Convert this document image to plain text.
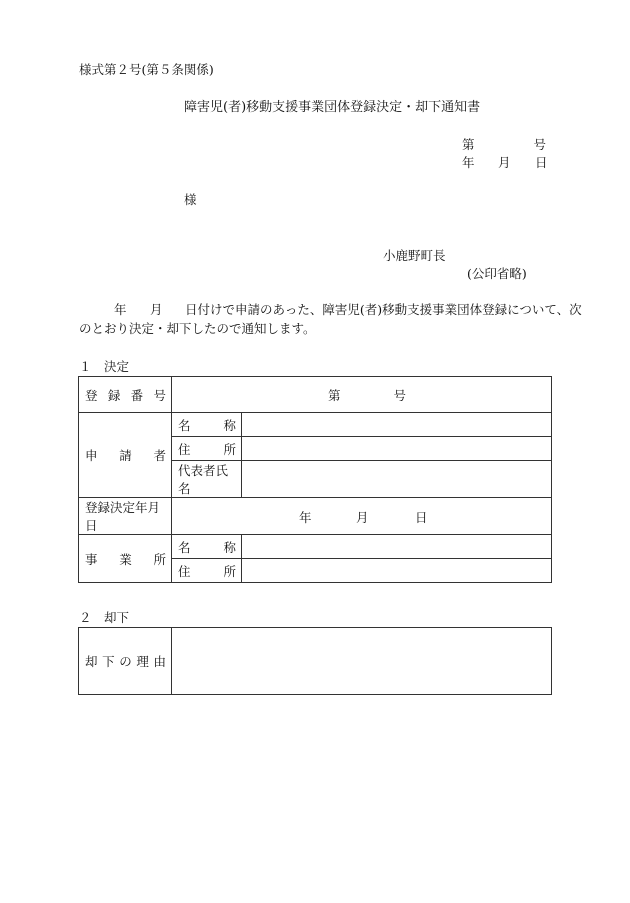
様式第２号(第５条関係)
障害児(者)移動支援事業団体登録決定・却下通知書
第	号
年 月 日
様
小鹿野町長
(公印省略)
年 月 日付けで申請のあった、障害児(者)移動支援事業団体登録について、次
のとおり決定・却下したので通知します。
１　決定
登 録 番 号	第 号	

申 請 者	名 称	

	住 所	

	代表者氏名	
登録決定年月日	年 月 日	

事 業 所	名 称	

	住 所	

２　却下
却 下 の 理 由
